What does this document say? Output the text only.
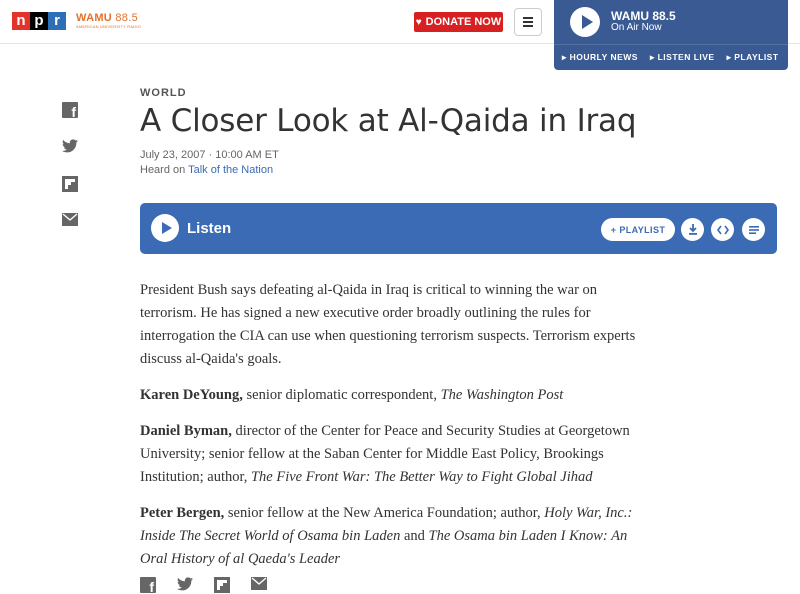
n p r	WAMU 88.5
AMERICAN UNIVERSITY RADIO	♥ DONATE NOW	WAMU 88.5
On Air Now
▸ HOURLY NEWS ▸ LISTEN LIVE ▸ PLAYLIST
f
WORLD
A Closer Look at Al-Qaida in Iraq
July 23, 2007 · 10:00 AM ET
Heard on Talk of the Nation
Listen	+ PLAYLIST

President Bush says defeating al-Qaida in Iraq is critical to winning the war on terrorism. He has signed a new executive order broadly outlining the rules for interrogation the CIA can use when questioning terrorism suspects. Terrorism experts discuss al-Qaida's goals.

Karen DeYoung, senior diplomatic correspondent, The Washington Post

Daniel Byman, director of the Center for Peace and Security Studies at Georgetown University; senior fellow at the Saban Center for Middle East Policy, Brookings Institution; author, The Five Front War: The Better Way to Fight Global Jihad

Peter Bergen, senior fellow at the New America Foundation; author, Holy War, Inc.: Inside The Secret World of Osama bin Laden and The Osama bin Laden I Know: An Oral History of al Qaeda's Leader

f
